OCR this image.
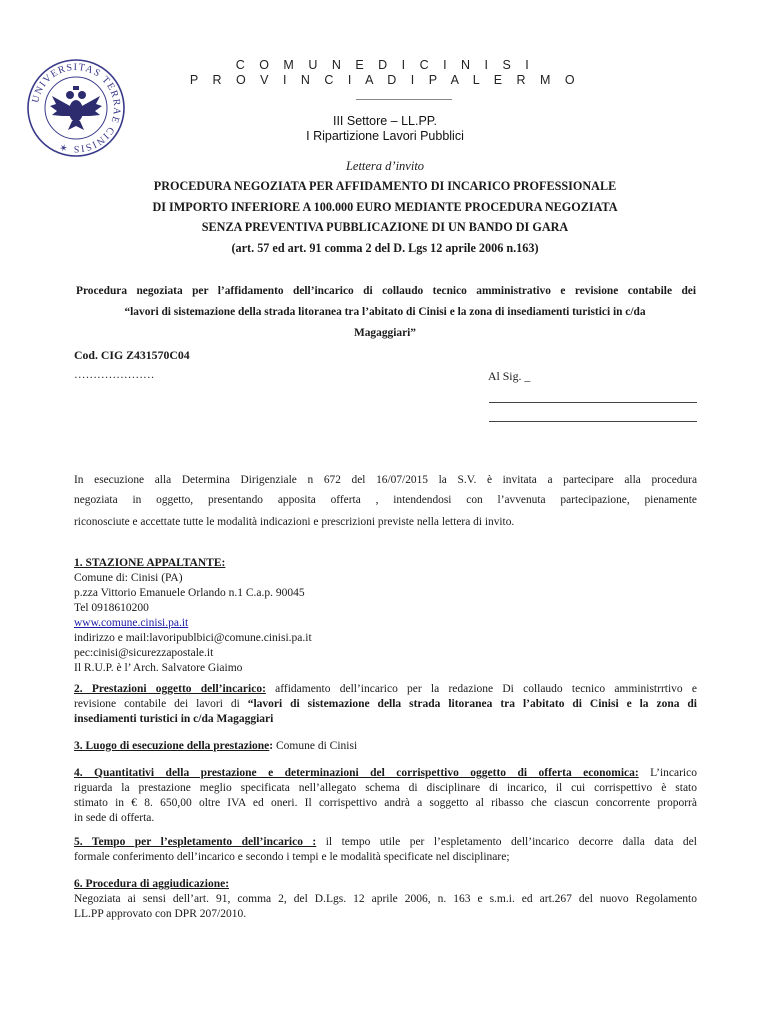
UNIVERSITAS TERRAE CINISIS ✶
C O M U N E D I C I N I S I
P R O V I N C I A D I P A L E R M O
III Settore – LL.PP.
I Ripartizione Lavori Pubblici
Lettera d’invito
PROCEDURA NEGOZIATA PER AFFIDAMENTO DI INCARICO PROFESSIONALE
DI IMPORTO INFERIORE A 100.000 EURO MEDIANTE PROCEDURA NEGOZIATA
SENZA PREVENTIVA PUBBLICAZIONE DI UN BANDO DI GARA
(art. 57 ed art. 91 comma 2 del D. Lgs 12 aprile 2006 n.163)
Procedura negoziata per l’affidamento dell’incarico di collaudo tecnico amministrativo e revisione contabile dei
“lavori di sistemazione della strada litoranea tra l’abitato di Cinisi e la zona di insediamenti turistici in c/da
Magaggiari”
Cod. CIG Z431570C04
…………………	Al Sig. _
In esecuzione alla Determina Dirigenziale n 672 del 16/07/2015 la S.V. è invitata a partecipare alla procedura
negoziata in oggetto, presentando apposita offerta , intendendosi con l’avvenuta partecipazione, pienamente
riconosciute e accettate tutte le modalità indicazioni e prescrizioni previste nella lettera di invito.
1. STAZIONE APPALTANTE:
Comune di: Cinisi (PA)
p.zza Vittorio Emanuele Orlando n.1 C.a.p. 90045
Tel 0918610200
www.comune.cinisi.pa.it
indirizzo e mail:lavoripublbici@comune.cinisi.pa.it
pec:cinisi@sicurezzapostale.it
Il R.U.P. è l’ Arch. Salvatore Giaimo
2. Prestazioni oggetto dell’incarico: affidamento dell’incarico per la redazione Di collaudo tecnico amministrrtivo e
revisione contabile dei lavori di “lavori di sistemazione della strada litoranea tra l’abitato di Cinisi e la zona di
insediamenti turistici in c/da Magaggiari
3. Luogo di esecuzione della prestazione: Comune di Cinisi
4. Quantitativi della prestazione e determinazioni del corrispettivo oggetto di offerta economica: L’incarico
riguarda la prestazione meglio specificata nell’allegato schema di disciplinare di incarico, il cui corrispettivo è stato
stimato in € 8. 650,00 oltre IVA ed oneri. Il corrispettivo andrà a soggetto al ribasso che ciascun concorrente proporrà
in sede di offerta.
5. Tempo per l’espletamento dell’incarico : il tempo utile per l’espletamento dell’incarico decorre dalla data del
formale conferimento dell’incarico e secondo i tempi e le modalità specificate nel disciplinare;
6. Procedura di aggiudicazione:
Negoziata ai sensi dell’art. 91, comma 2, del D.Lgs. 12 aprile 2006, n. 163 e s.m.i. ed art.267 del nuovo Regolamento
LL.PP approvato con DPR 207/2010.
